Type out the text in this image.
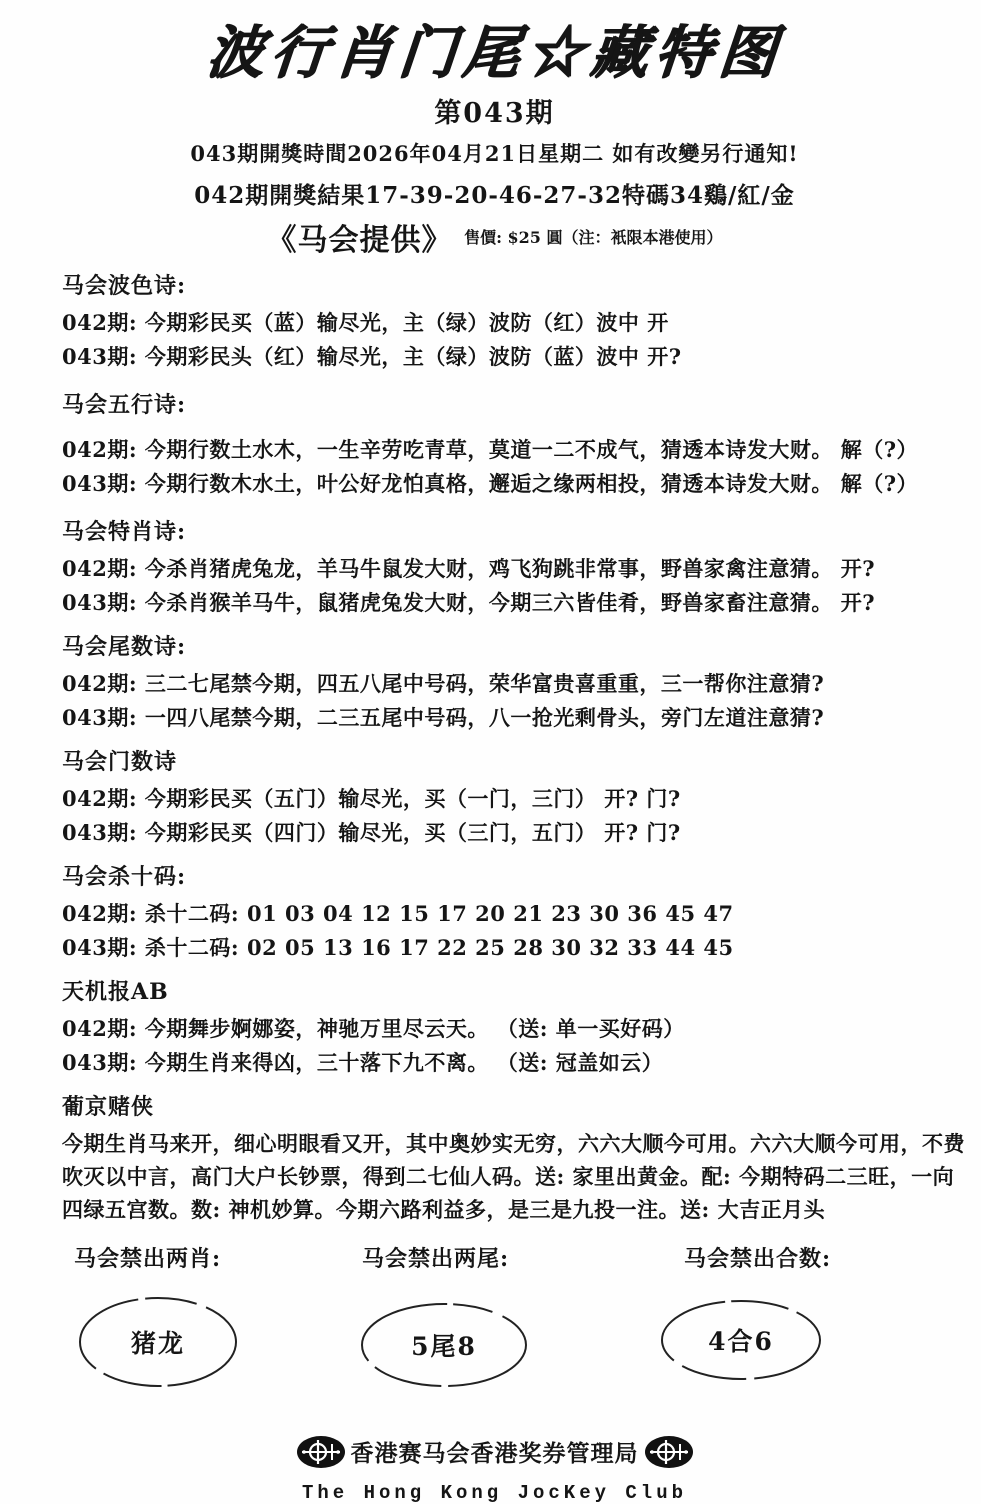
波行肖门尾☆藏特图
第043期
043期開獎時間2026年04月21日星期二 如有改變另行通知!
042期開獎結果17-39-20-46-27-32特碼34鷄/紅/金
《马会提供》 售價: $25 圓（注：衹限本港使用）
马会波色诗:
042期: 今期彩民买（蓝）输尽光，主（绿）波防（红）波中 开
043期: 今期彩民头（红）输尽光，主（绿）波防（蓝）波中 开?
马会五行诗:
042期: 今期行数土水木，一生辛劳吃青草，莫道一二不成气，猜透本诗发大财。 解（?）
043期: 今期行数木水土，叶公好龙怕真格，邂逅之缘两相投，猜透本诗发大财。 解（?）
马会特肖诗:
042期: 今杀肖猪虎兔龙，羊马牛鼠发大财，鸡飞狗跳非常事，野兽家禽注意猜。 开?
043期: 今杀肖猴羊马牛，鼠猪虎兔发大财，今期三六皆佳肴，野兽家畜注意猜。 开?
马会尾数诗:
042期: 三二七尾禁今期，四五八尾中号码，荣华富贵喜重重，三一帮你注意猜?
043期: 一四八尾禁今期，二三五尾中号码，八一抢光剩骨头，旁门左道注意猜?
马会门数诗
042期: 今期彩民买（五门）输尽光，买（一门，三门） 开? 门?
043期: 今期彩民买（四门）输尽光，买（三门，五门） 开? 门?
马会杀十码:
042期: 杀十二码: 01 03 04 12 15 17 20 21 23 30 36 45 47
043期: 杀十二码: 02 05 13 16 17 22 25 28 30 32 33 44 45
天机报AB
042期: 今期舞步婀娜姿，神驰万里尽云天。 （送: 单一买好码）
043期: 今期生肖来得凶，三十落下九不离。 （送: 冠盖如云）
葡京赌侠
今期生肖马来开，细心明眼看又开，其中奥妙实无穷，六六大顺今可用。六六大顺今可用，不费
吹灭以中言，高门大户长钞票，得到二七仙人码。送: 家里出黄金。配: 今期特码二三旺，一向
四绿五宫数。数: 神机妙算。今期六路利益多，是三是九投一注。送: 大吉正月头
马会禁出两肖:	马会禁出两尾:	马会禁出合数:
猪龙	5尾8	4合6
香港赛马会香港奖券管理局
The Hong Kong JocKey Club
